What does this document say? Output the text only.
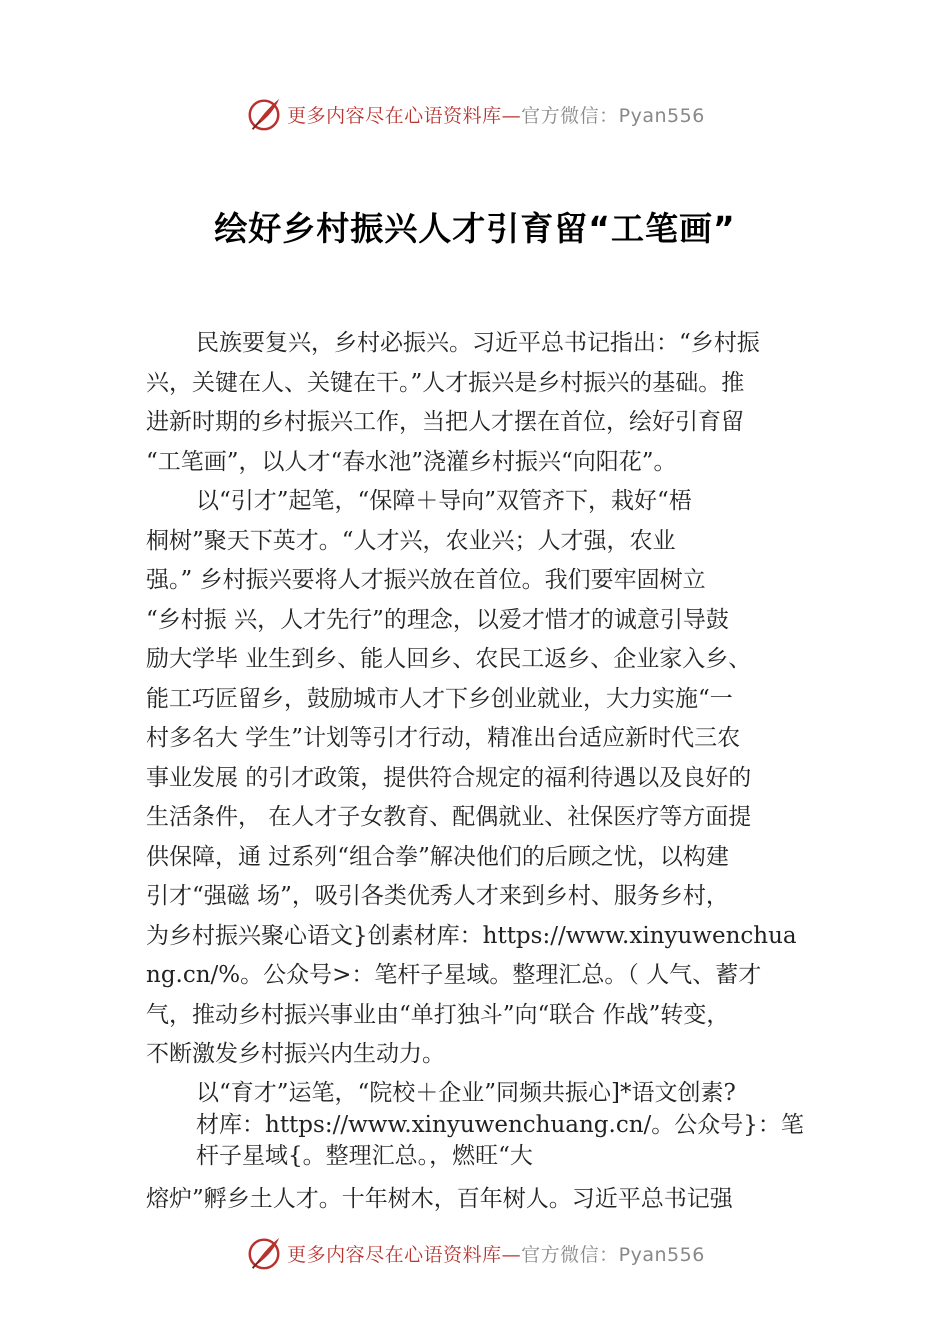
更多内容尽在心语资料库—官方微信：Pyan556
绘好乡村振兴人才引育留“工笔画”

民族要复兴，乡村必振兴。习近平总书记指出：“乡村振

兴，关键在人、关键在干。”人才振兴是乡村振兴的基础。推

进新时期的乡村振兴工作，当把人才摆在首位，绘好引育留

“工笔画”，以人才“春水池”浇灌乡村振兴“向阳花”。

以“引才”起笔，“保障＋导向”双管齐下，栽好“梧

桐树”聚天下英才。“人才兴，农业兴；人才强，农业

强。” 乡村振兴要将人才振兴放在首位。我们要牢固树立

“乡村振 兴，人才先行”的理念，以爱才惜才的诚意引导鼓

励大学毕 业生到乡、能人回乡、农民工返乡、企业家入乡、

能工巧匠留乡，鼓励城市人才下乡创业就业，大力实施“一

村多名大 学生”计划等引才行动，精准出台适应新时代三农

事业发展 的引才政策，提供符合规定的福利待遇以及良好的

生活条件， 在人才子女教育、配偶就业、社保医疗等方面提

供保障，通 过系列“组合拳”解决他们的后顾之忧，以构建

引才“强磁 场”，吸引各类优秀人才来到乡村、服务乡村，

为乡村振兴聚心语文}创素材库：https://www.xinyuwenchua

ng.cn/%。公众号>：笔杆子星域。整理汇总。（ 人气、蓄才

气，推动乡村振兴事业由“单打独斗”向“联合 作战”转变，

不断激发乡村振兴内生动力。

以“育才”运笔，“院校＋企业”同频共振心]*语文创素?

材库：https://www.xinyuwenchuang.cn/。公众号}：笔

杆子星域{。整理汇总。，燃旺“大

熔炉”孵乡土人才。十年树木，百年树人。习近平总书记强

更多内容尽在心语资料库—官方微信：Pyan556
